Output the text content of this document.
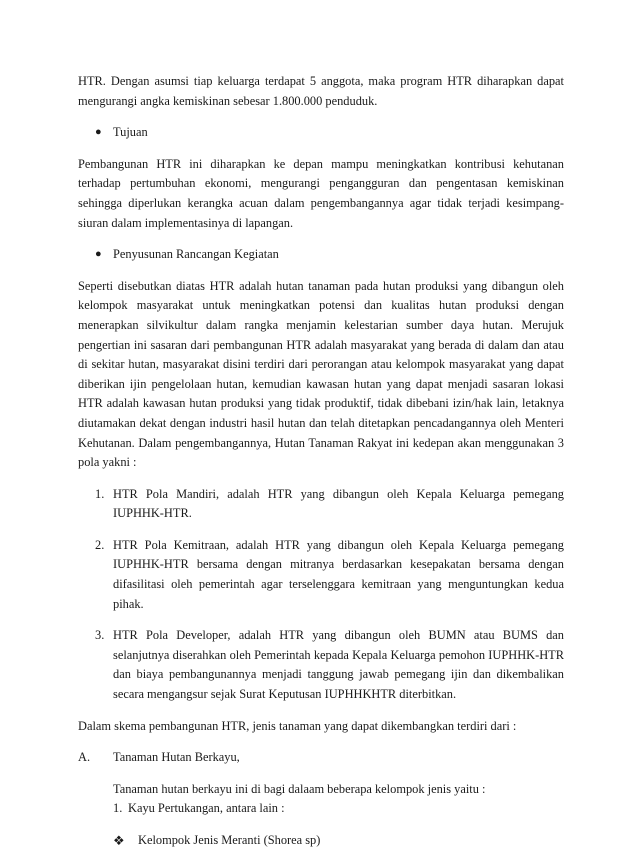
HTR. Dengan asumsi tiap keluarga terdapat 5 anggota, maka program HTR diharapkan dapat mengurangi angka kemiskinan sebesar 1.800.000 penduduk.

● Tujuan

Pembangunan HTR ini diharapkan ke depan mampu meningkatkan kontribusi kehutanan terhadap pertumbuhan ekonomi, mengurangi pengangguran dan pengentasan kemiskinan sehingga diperlukan kerangka acuan dalam pengembangannya agar tidak terjadi kesimpang-siuran dalam implementasinya di lapangan.

● Penyusunan Rancangan Kegiatan

Seperti disebutkan diatas HTR adalah hutan tanaman pada hutan produksi yang dibangun oleh kelompok masyarakat untuk meningkatkan potensi dan kualitas hutan produksi dengan menerapkan silvikultur dalam rangka menjamin kelestarian sumber daya hutan. Merujuk pengertian ini sasaran dari pembangunan HTR adalah masyarakat yang berada di dalam dan atau di sekitar hutan, masyarakat disini terdiri dari perorangan atau kelompok masyarakat yang dapat diberikan ijin pengelolaan hutan, kemudian kawasan hutan yang dapat menjadi sasaran lokasi HTR adalah kawasan hutan produksi yang tidak produktif, tidak dibebani izin/hak lain, letaknya diutamakan dekat dengan industri hasil hutan dan telah ditetapkan pencadangannya oleh Menteri Kehutanan. Dalam pengembangannya, Hutan Tanaman Rakyat ini kedepan akan menggunakan 3 pola yakni :

1. HTR Pola Mandiri, adalah HTR yang dibangun oleh Kepala Keluarga pemegang IUPHHK-HTR.

2. HTR Pola Kemitraan, adalah HTR yang dibangun oleh Kepala Keluarga pemegang IUPHHK-HTR bersama dengan mitranya berdasarkan kesepakatan bersama dengan difasilitasi oleh pemerintah agar terselenggara kemitraan yang menguntungkan kedua pihak.

3. HTR Pola Developer, adalah HTR yang dibangun oleh BUMN atau BUMS dan selanjutnya diserahkan oleh Pemerintah kepada Kepala Keluarga pemohon IUPHHK-HTR dan biaya pembangunannya menjadi tanggung jawab pemegang ijin dan dikembalikan secara mengangsur sejak Surat Keputusan IUPHHKHTR diterbitkan.

Dalam skema pembangunan HTR, jenis tanaman yang dapat dikembangkan terdiri dari :

A. Tanaman Hutan Berkayu,

Tanaman hutan berkayu ini di bagi dalaam beberapa kelompok jenis yaitu :

1. Kayu Pertukangan, antara lain :
❖ Kelompok Jenis Meranti (Shorea sp)
